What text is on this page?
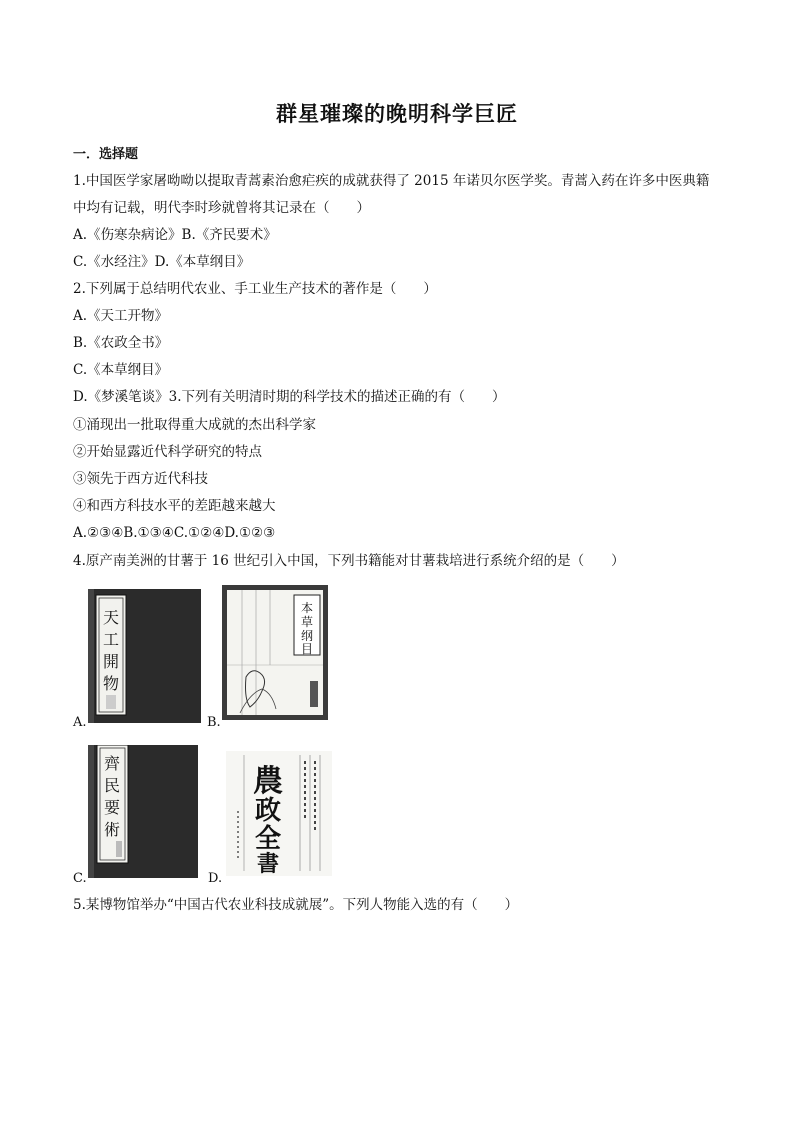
群星璀璨的晚明科学巨匠
一．选择题
1.中国医学家屠呦呦以提取青蒿素治愈疟疾的成就获得了 2015 年诺贝尔医学奖。青蒿入药在许多中医典籍
中均有记载，明代李时珍就曾将其记录在（　　）
A.《伤寒杂病论》B.《齐民要术》
C.《水经注》D.《本草纲目》
2.下列属于总结明代农业、手工业生产技术的著作是（　　）
A.《天工开物》
B.《农政全书》
C.《本草纲目》
D.《梦溪笔谈》3.下列有关明清时期的科学技术的描述正确的有（　　）
①涌现出一批取得重大成就的杰出科学家
②开始显露近代科学研究的特点
③领先于西方近代科技
④和西方科技水平的差距越来越大
A.②③④B.①③④C.①②④D.①②③
4.原产南美洲的甘薯于 16 世纪引入中国，下列书籍能对甘薯栽培进行系统介绍的是（　　）
天
工
開
物
A.
本
草
纲
目
B.
齊
民
要
術
C.
農
政
全
書
D.
5.某博物馆举办“中国古代农业科技成就展”。下列人物能入选的有（　　）
